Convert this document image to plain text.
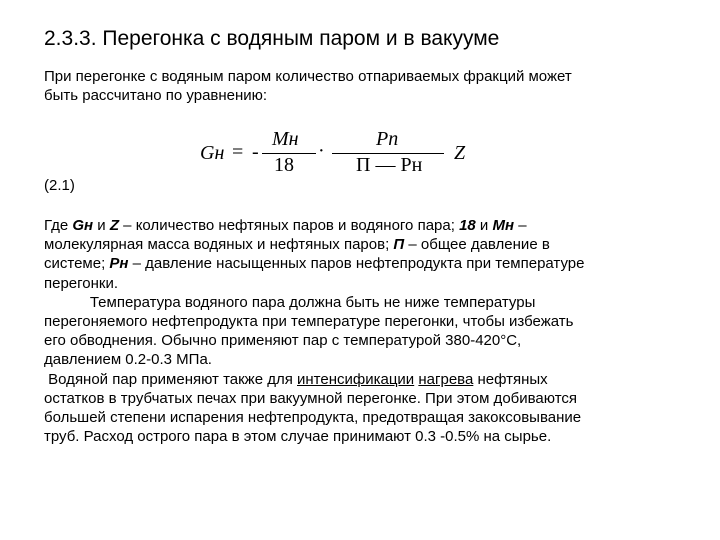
2.3.3. Перегонка с водяным паром и в вакууме
При перегонке с водяным паром количество отпариваемых фракций может
быть рассчитано по уравнению:
Gн = -
Mн
18
·
Pп
П — Pн
Z
(2.1)
Где Gн и Z – количество нефтяных паров и водяного пара; 18 и Мн –
молекулярная масса водяных и нефтяных паров; П – общее давление в
системе; Рн – давление насыщенных паров нефтепродукта при температуре
перегонки.
Температура водяного пара должна быть не ниже температуры
перегоняемого нефтепродукта при температуре перегонки, чтобы избежать
его обводнения. Обычно применяют пар с температурой 380-420°С,
давлением 0.2-0.3 МПа.
Водяной пар применяют также для интенсификации нагрева нефтяных
остатков в трубчатых печах при вакуумной перегонке. При этом добиваются
большей степени испарения нефтепродукта, предотвращая закоксовывание
труб. Расход острого пара в этом случае принимают 0.3 -0.5% на сырье.
